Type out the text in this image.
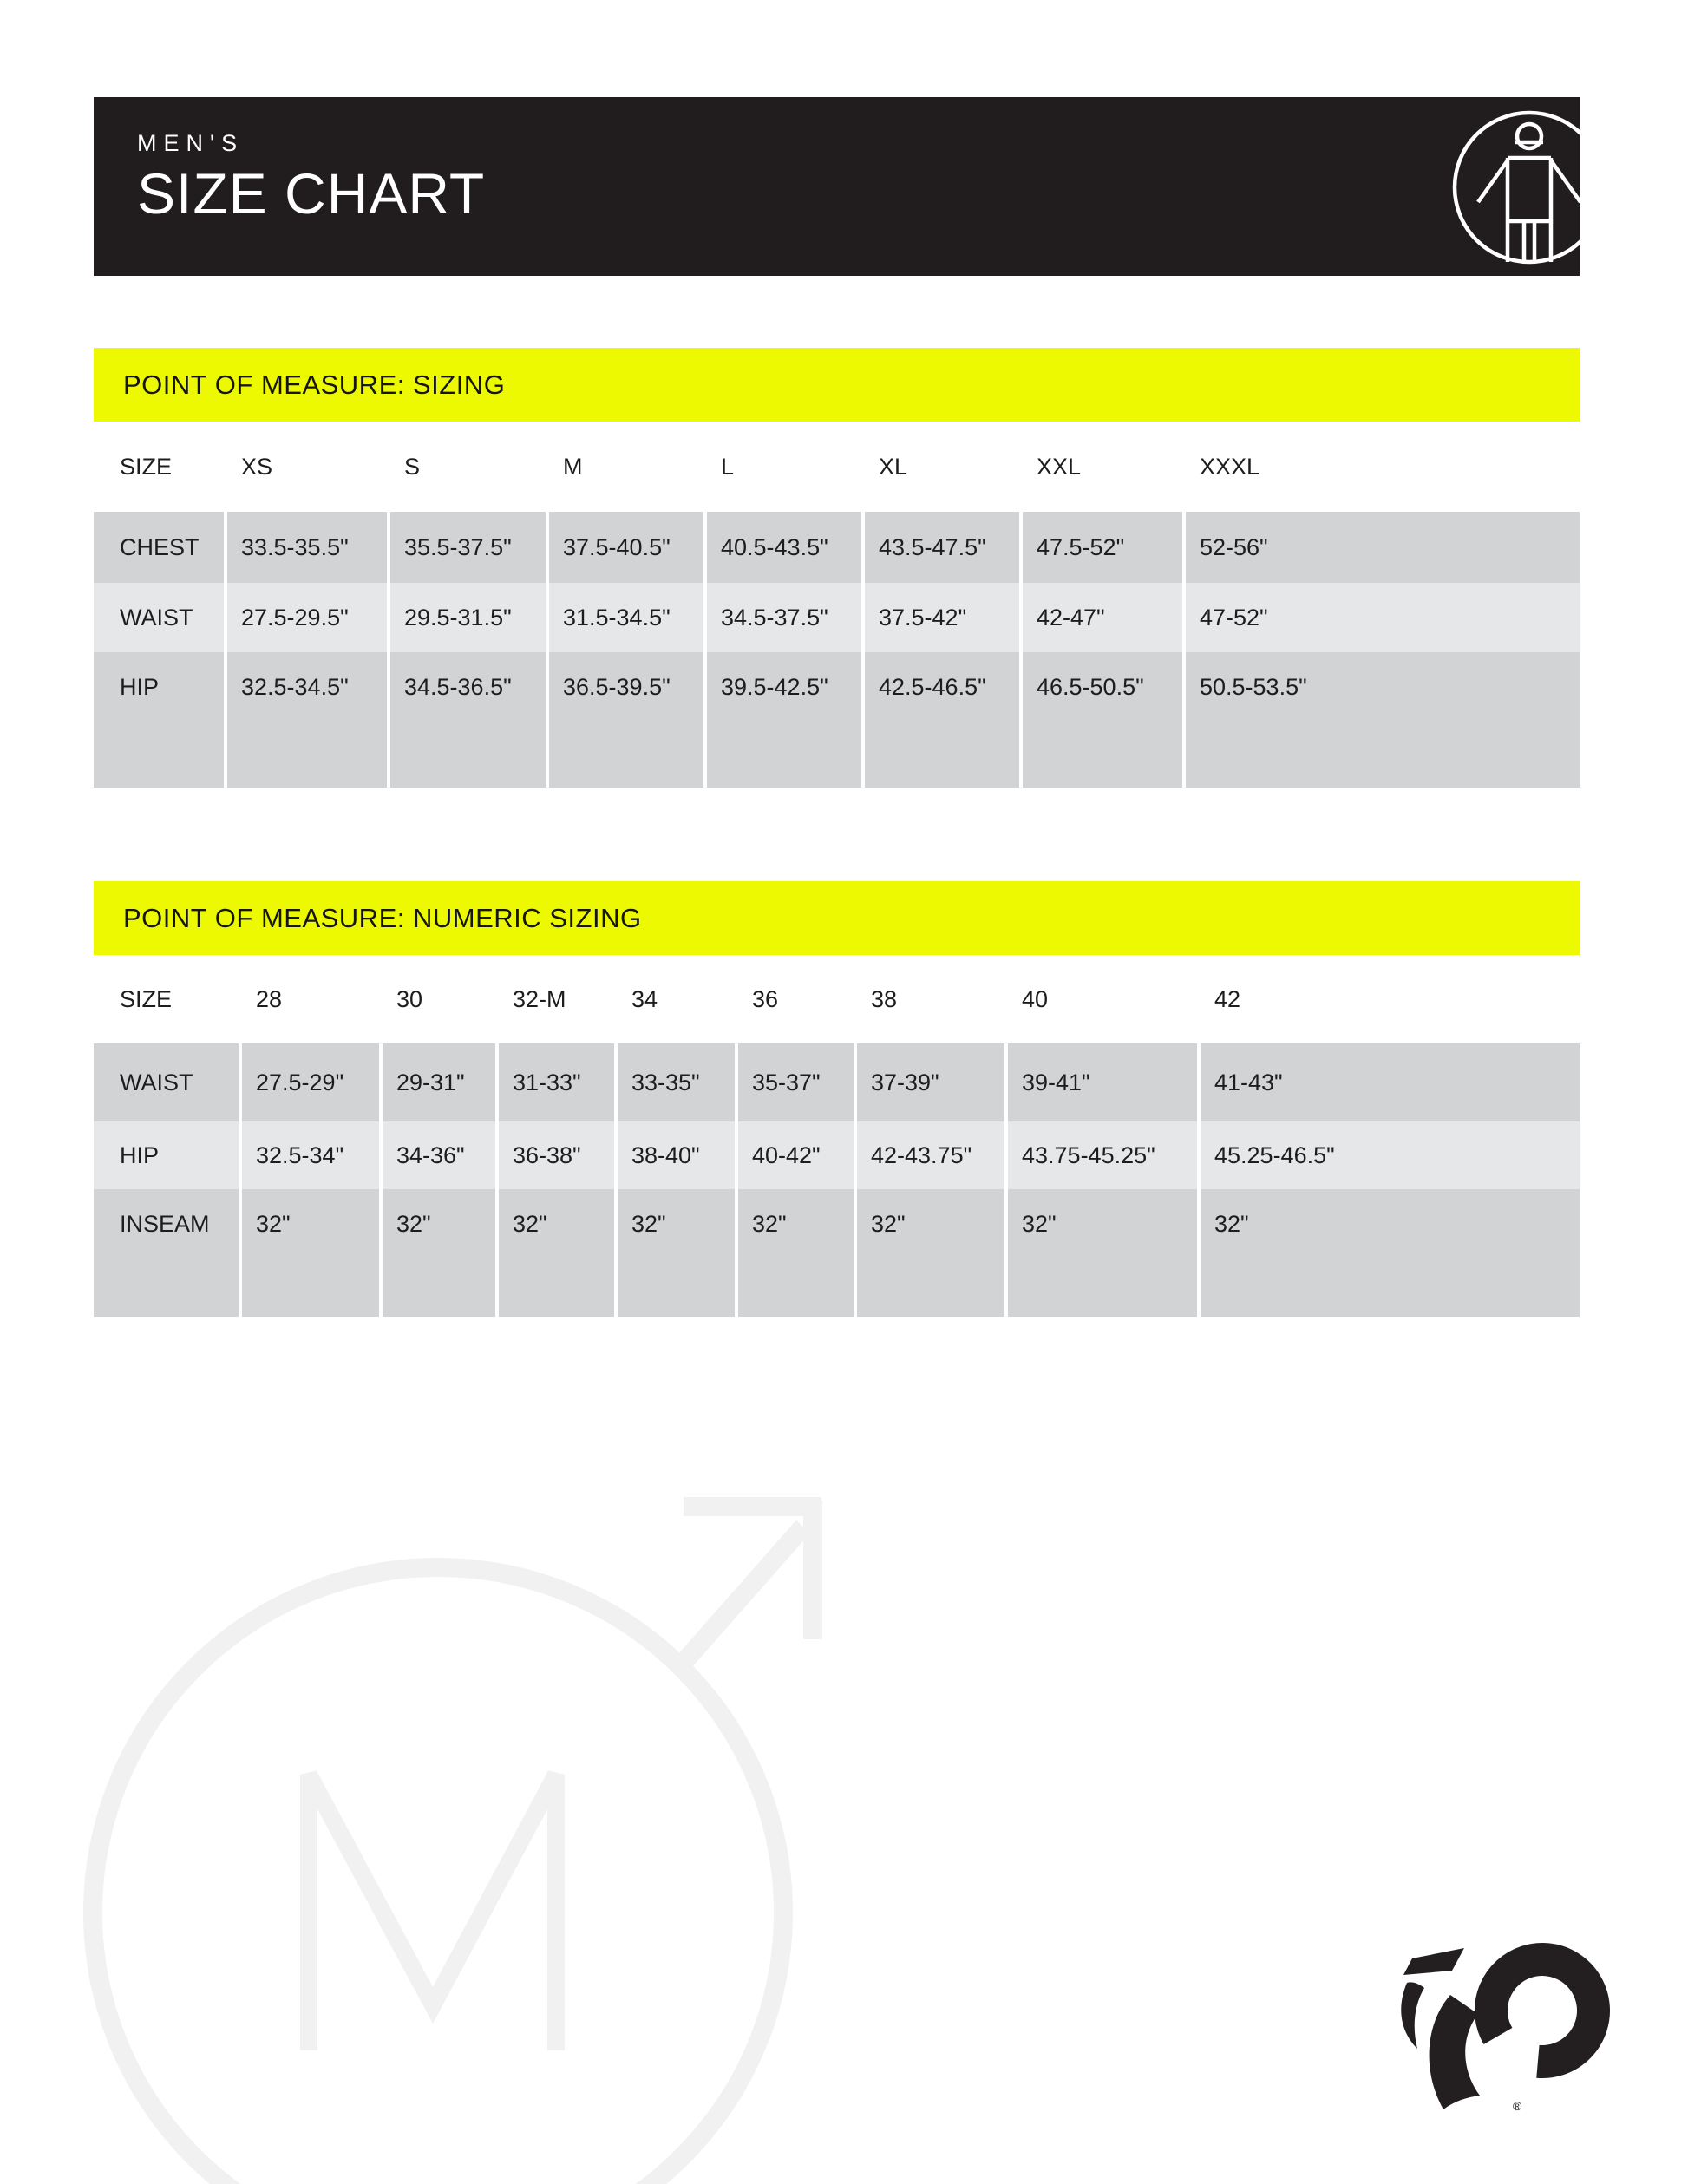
MEN'S
SIZE CHART
POINT OF MEASURE: SIZING
SIZE	XS	S	M	L	XL	XXL	XXXL
CHEST	33.5-35.5"	35.5-37.5"	37.5-40.5"	40.5-43.5"	43.5-47.5"	47.5-52"	52-56"
WAIST	27.5-29.5"	29.5-31.5"	31.5-34.5"	34.5-37.5"	37.5-42"	42-47"	47-52"
HIP	32.5-34.5"	34.5-36.5"	36.5-39.5"	39.5-42.5"	42.5-46.5"	46.5-50.5"	50.5-53.5"
POINT OF MEASURE: NUMERIC SIZING
SIZE	28	30	32-M	34	36	38	40	42
WAIST	27.5-29"	29-31"	31-33"	33-35"	35-37"	37-39"	39-41"	41-43"
HIP	32.5-34"	34-36"	36-38"	38-40"	40-42"	42-43.75"	43.75-45.25"	45.25-46.5"
INSEAM	32"	32"	32"	32"	32"	32"	32"	32"
®
